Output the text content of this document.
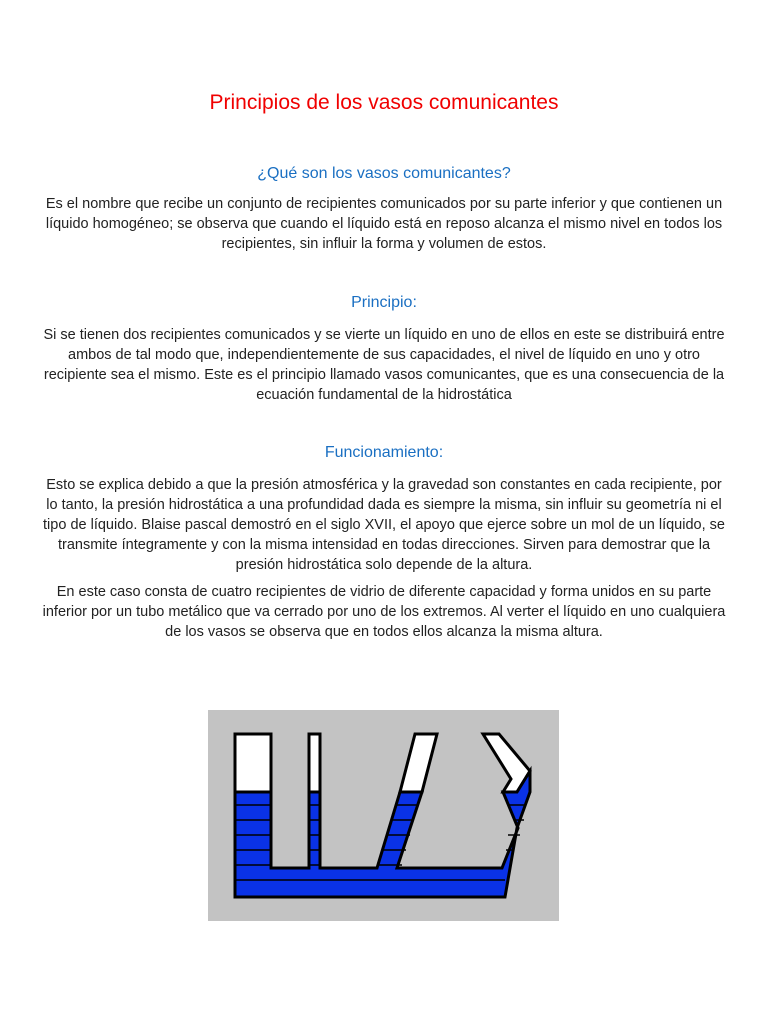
Principios de los vasos comunicantes
¿Qué son los vasos comunicantes?

Es el nombre que recibe un conjunto de recipientes comunicados por su parte inferior y que contienen un líquido homogéneo; se observa que cuando el líquido está en reposo alcanza el mismo nivel en todos los recipientes, sin influir la forma y volumen de estos.

Principio:

Si se tienen dos recipientes comunicados y se vierte un líquido en uno de ellos en este se distribuirá entre ambos de tal modo que, independientemente de sus capacidades, el nivel de líquido en uno y otro recipiente sea el mismo. Este es el principio llamado vasos comunicantes, que es una consecuencia de la ecuación fundamental de la hidrostática

Funcionamiento:

Esto se explica debido a que la presión atmosférica y la gravedad son constantes en cada recipiente, por lo tanto, la presión hidrostática a una profundidad dada es siempre la misma, sin influir su geometría ni el tipo de líquido. Blaise pascal demostró en el siglo XVII, el apoyo que ejerce sobre un mol de un líquido, se transmite íntegramente y con la misma intensidad en todas direcciones. Sirven para demostrar que la presión hidrostática solo depende de la altura.

En este caso consta de cuatro recipientes de vidrio de diferente capacidad y forma unidos en su parte inferior por un tubo metálico que va cerrado por uno de los extremos. Al verter el líquido en uno cualquiera de los vasos se observa que en todos ellos alcanza la misma altura.
